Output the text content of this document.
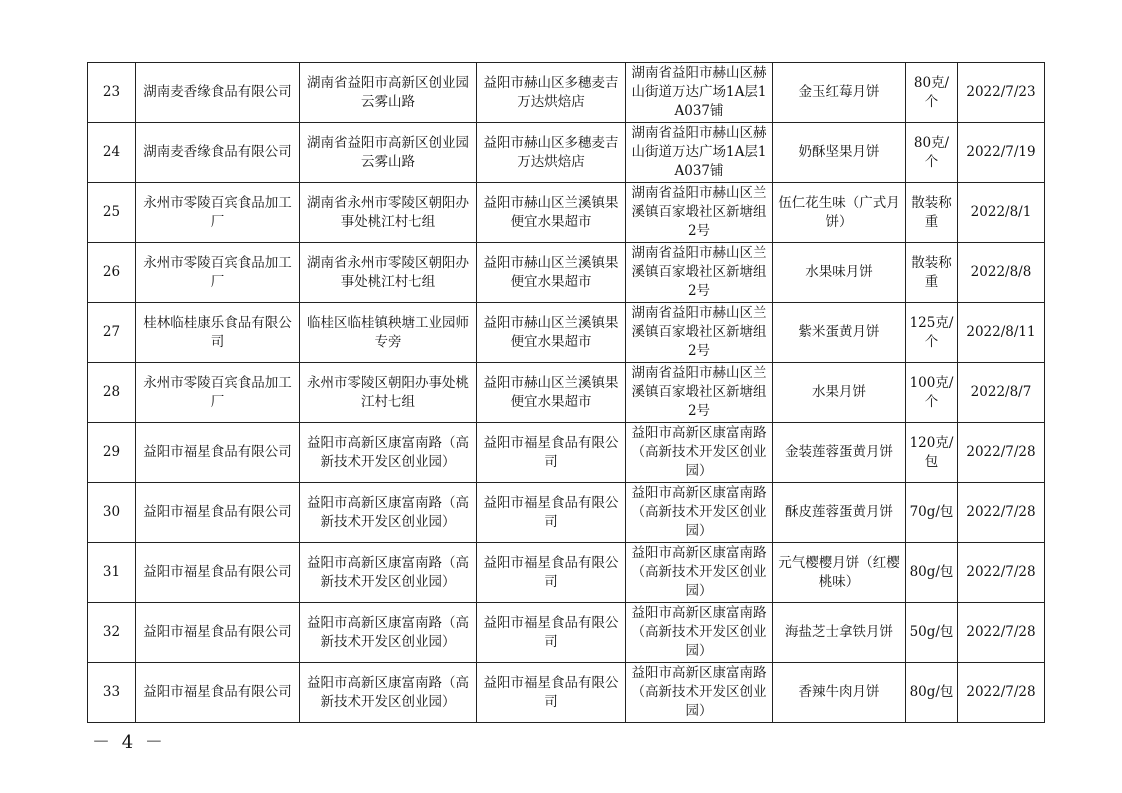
23	湖南麦香缘食品有限公司	湖南省益阳市高新区创业园云雾山路	益阳市赫山区多穗麦吉万达烘焙店	湖南省益阳市赫山区赫山街道万达广场1A层1A037铺	金玉红莓月饼	80克/个	2022/7/23
24	湖南麦香缘食品有限公司	湖南省益阳市高新区创业园云雾山路	益阳市赫山区多穗麦吉万达烘焙店	湖南省益阳市赫山区赫山街道万达广场1A层1A037铺	奶酥坚果月饼	80克/个	2022/7/19
25	永州市零陵百宾食品加工厂	湖南省永州市零陵区朝阳办事处桃江村七组	益阳市赫山区兰溪镇果便宜水果超市	湖南省益阳市赫山区兰溪镇百家塅社区新塘组2号	伍仁花生味（广式月饼）	散装称重	2022/8/1
26	永州市零陵百宾食品加工厂	湖南省永州市零陵区朝阳办事处桃江村七组	益阳市赫山区兰溪镇果便宜水果超市	湖南省益阳市赫山区兰溪镇百家塅社区新塘组2号	水果味月饼	散装称重	2022/8/8
27	桂林临桂康乐食品有限公司	临桂区临桂镇秧塘工业园师专旁	益阳市赫山区兰溪镇果便宜水果超市	湖南省益阳市赫山区兰溪镇百家塅社区新塘组2号	紫米蛋黄月饼	125克/个	2022/8/11
28	永州市零陵百宾食品加工厂	永州市零陵区朝阳办事处桃江村七组	益阳市赫山区兰溪镇果便宜水果超市	湖南省益阳市赫山区兰溪镇百家塅社区新塘组2号	水果月饼	100克/个	2022/8/7
29	益阳市福星食品有限公司	益阳市高新区康富南路（高新技术开发区创业园）	益阳市福星食品有限公司	益阳市高新区康富南路（高新技术开发区创业园）	金装莲蓉蛋黄月饼	120克/包	2022/7/28
30	益阳市福星食品有限公司	益阳市高新区康富南路（高新技术开发区创业园）	益阳市福星食品有限公司	益阳市高新区康富南路（高新技术开发区创业园）	酥皮莲蓉蛋黄月饼	70g/包	2022/7/28
31	益阳市福星食品有限公司	益阳市高新区康富南路（高新技术开发区创业园）	益阳市福星食品有限公司	益阳市高新区康富南路（高新技术开发区创业园）	元气樱樱月饼（红樱桃味）	80g/包	2022/7/28
32	益阳市福星食品有限公司	益阳市高新区康富南路（高新技术开发区创业园）	益阳市福星食品有限公司	益阳市高新区康富南路（高新技术开发区创业园）	海盐芝士拿铁月饼	50g/包	2022/7/28
33	益阳市福星食品有限公司	益阳市高新区康富南路（高新技术开发区创业园）	益阳市福星食品有限公司	益阳市高新区康富南路（高新技术开发区创业园）	香辣牛肉月饼	80g/包	2022/7/28
－ 4 －
